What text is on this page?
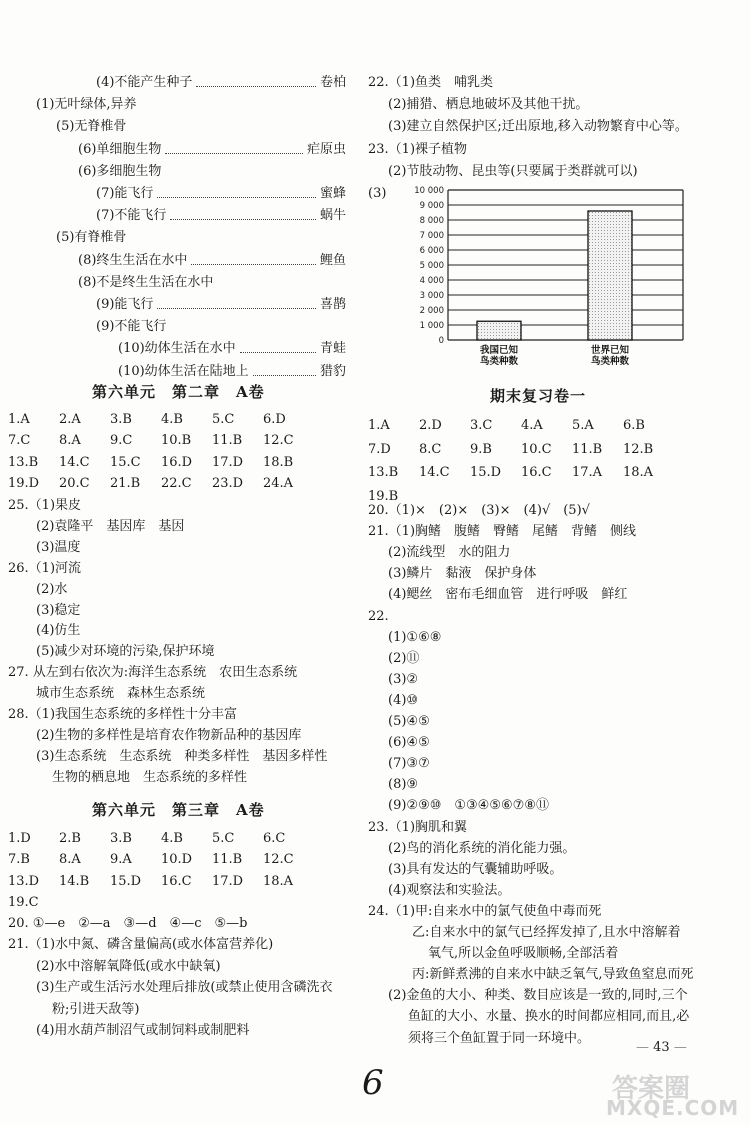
(4)不能产生种子	卷柏
(1)无叶绿体,异养
(5)无脊椎骨
(6)单细胞生物	疟原虫
(6)多细胞生物
(7)能飞行	蜜蜂
(7)不能飞行	蜗牛
(5)有脊椎骨
(8)终生生活在水中	鲤鱼
(8)不是终生生活在水中
(9)能飞行	喜鹊
(9)不能飞行
(10)幼体生活在水中	青蛙
(10)幼体生活在陆地上	猎豹
第六单元　第二章　A卷
1.A	2.A	3.B	4.B	5.C	6.D
7.C	8.A	9.C	10.B	11.B	12.C
13.B	14.C	15.C	16.D	17.D	18.B
19.D	20.C	21.B	22.C	23.D	24.A
25.（1)果皮
(2)袁隆平　基因库　基因
(3)温度
26.（1)河流
(2)水
(3)稳定
(4)仿生
(5)减少对环境的污染,保护环境
27. 从左到右依次为:海洋生态系统　农田生态系统
城市生态系统　森林生态系统
28.（1)我国生态系统的多样性十分丰富
(2)生物的多样性是培育农作物新品种的基因库
(3)生态系统　生态系统　种类多样性　基因多样性
生物的栖息地　生态系统的多样性
第六单元　第三章　A卷
1.D	2.B	3.B	4.B	5.C	6.C
7.B	8.A	9.A	10.D	11.B	12.C
13.D	14.B	15.D	16.C	17.D	18.A
19.C
20. ①—e　②—a　③—d　④—c　⑤—b
21.（1)水中氮、磷含量偏高(或水体富营养化)
(2)水中溶解氧降低(或水中缺氧)
(3)生产或生活污水处理后排放(或禁止使用含磷洗衣
粉;引进天敌等)
(4)用水葫芦制沼气或制饲料或制肥料
22.（1)鱼类　哺乳类
(2)捕猎、栖息地破坏及其他干扰。
(3)建立自然保护区;迁出原地,移入动物繁育中心等。
23.（1)裸子植物
(2)节肢动物、昆虫等(只要属于类群就可以)
(3)
0
1 000
2 000
3 000
4 000
5 000
6 000
7 000
8 000
9 000
10 000
我国已知
鸟类种数
世界已知
鸟类种数
期末复习卷一
1.A	2.D	3.C	4.A	5.A	6.B
7.D	8.C	9.B	10.C	11.B	12.B
13.B	14.C	15.D	16.C	17.A	18.A
19.B
20.（1)×　(2)×　(3)×　(4)√　(5)√
21.（1)胸鳍　腹鳍　臀鳍　尾鳍　背鳍　侧线
(2)流线型　水的阻力
(3)鳞片　黏液　保护身体
(4)鳃丝　密布毛细血管　进行呼吸　鲜红
22.
(1)①⑥⑧
(2)⑪
(3)②
(4)⑩
(5)④⑤
(6)④⑤
(7)③⑦
(8)⑨
(9)②⑨⑩　①③④⑤⑥⑦⑧⑪
23.（1)胸肌和翼
(2)鸟的消化系统的消化能力强。
(3)具有发达的气囊辅助呼吸。
(4)观察法和实验法。
24.（1)甲:自来水中的氯气使鱼中毒而死
乙:自来水中的氯气已经挥发掉了,且水中溶解着
氧气,所以金鱼呼吸顺畅,全部活着
丙:新鲜煮沸的自来水中缺乏氧气,导致鱼窒息而死
(2)金鱼的大小、种类、数目应该是一致的,同时,三个
鱼缸的大小、水量、换水的时间都应相同,而且,必
须将三个鱼缸置于同一环境中。
— 43 —
6	答案圈
MXQE.COM
